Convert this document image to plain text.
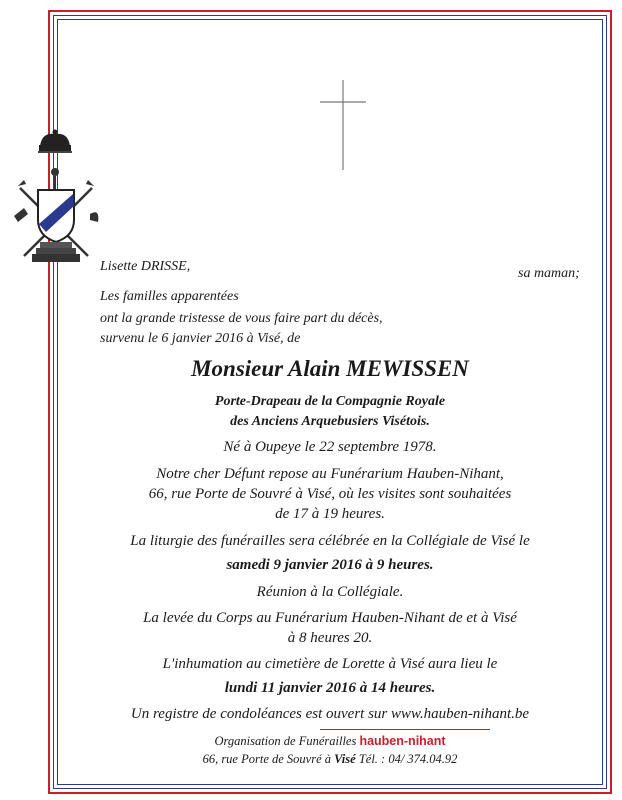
Lisette DRISSE,	sa maman;
Les familles apparentées
ont la grande tristesse de vous faire part du décès,
survenu le 6 janvier 2016 à Visé, de
Monsieur Alain MEWISSEN
Porte-Drapeau de la Compagnie Royale
des Anciens Arquebusiers Visétois.
Né à Oupeye le 22 septembre 1978.
Notre cher Défunt repose au Funérarium Hauben-Nihant,
66, rue Porte de Souvré à Visé, où les visites sont souhaitées
de 17 à 19 heures.
La liturgie des funérailles sera célébrée en la Collégiale de Visé le
samedi 9 janvier 2016 à 9 heures.
Réunion à la Collégiale.
La levée du Corps au Funérarium Hauben-Nihant de et à Visé
à 8 heures 20.
L'inhumation au cimetière de Lorette à Visé aura lieu le
lundi 11 janvier 2016 à 14 heures.
Un registre de condoléances est ouvert sur www.hauben-nihant.be
Organisation de Funérailles hauben-nihant
66, rue Porte de Souvré à Visé Tél. : 04/ 374.04.92
